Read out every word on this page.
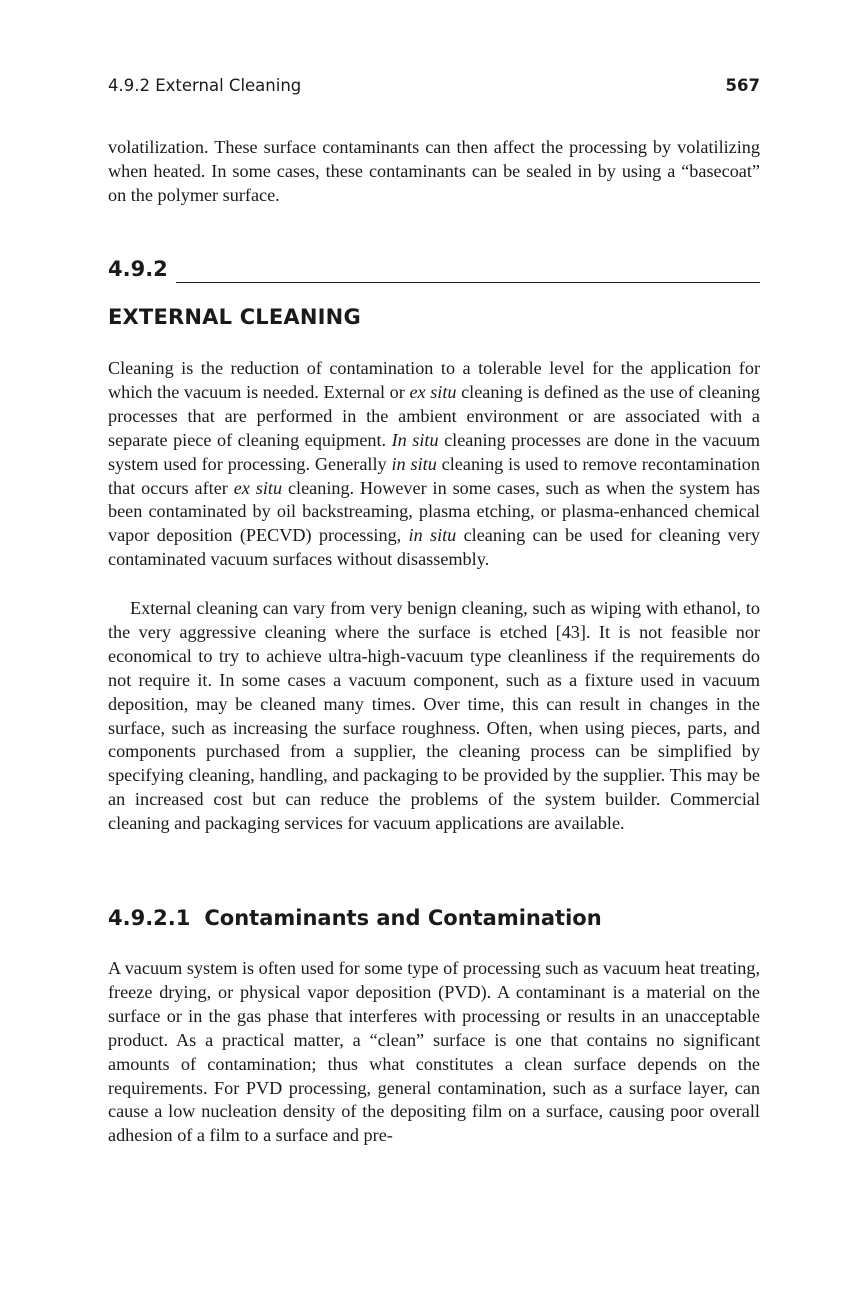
4.9.2 External Cleaning	567

volatilization. These surface contaminants can then affect the processing by volatilizing when heated. In some cases, these contaminants can be sealed in by using a “basecoat” on the polymer surface.

4.9.2
EXTERNAL CLEANING

Cleaning is the reduction of contamination to a tolerable level for the application for which the vacuum is needed. External or ex situ cleaning is defined as the use of cleaning processes that are performed in the ambient environment or are associated with a separate piece of cleaning equipment. In situ cleaning processes are done in the vacuum system used for processing. Generally in situ cleaning is used to remove recontamination that occurs after ex situ cleaning. However in some cases, such as when the system has been contaminated by oil backstreaming, plasma etching, or plasma-enhanced chemical vapor deposition (PECVD) processing, in situ cleaning can be used for cleaning very contaminated vacuum surfaces without disassembly.

External cleaning can vary from very benign cleaning, such as wiping with ethanol, to the very aggressive cleaning where the surface is etched [43]. It is not feasible nor economical to try to achieve ultra-high-vacuum type cleanliness if the requirements do not require it. In some cases a vacuum component, such as a fixture used in vacuum deposition, may be cleaned many times. Over time, this can result in changes in the surface, such as increasing the surface roughness. Often, when using pieces, parts, and components purchased from a supplier, the cleaning process can be simplified by specifying cleaning, handling, and packaging to be provided by the supplier. This may be an increased cost but can reduce the problems of the system builder. Commercial cleaning and packaging services for vacuum applications are available.

4.9.2.1 Contaminants and Contamination

A vacuum system is often used for some type of processing such as vacuum heat treating, freeze drying, or physical vapor deposition (PVD). A contaminant is a material on the surface or in the gas phase that interferes with processing or results in an unacceptable product. As a practical matter, a “clean” surface is one that contains no significant amounts of contamination; thus what constitutes a clean surface depends on the requirements. For PVD processing, general contamination, such as a surface layer, can cause a low nucleation density of the depositing film on a surface, causing poor overall adhesion of a film to a surface and pre-
